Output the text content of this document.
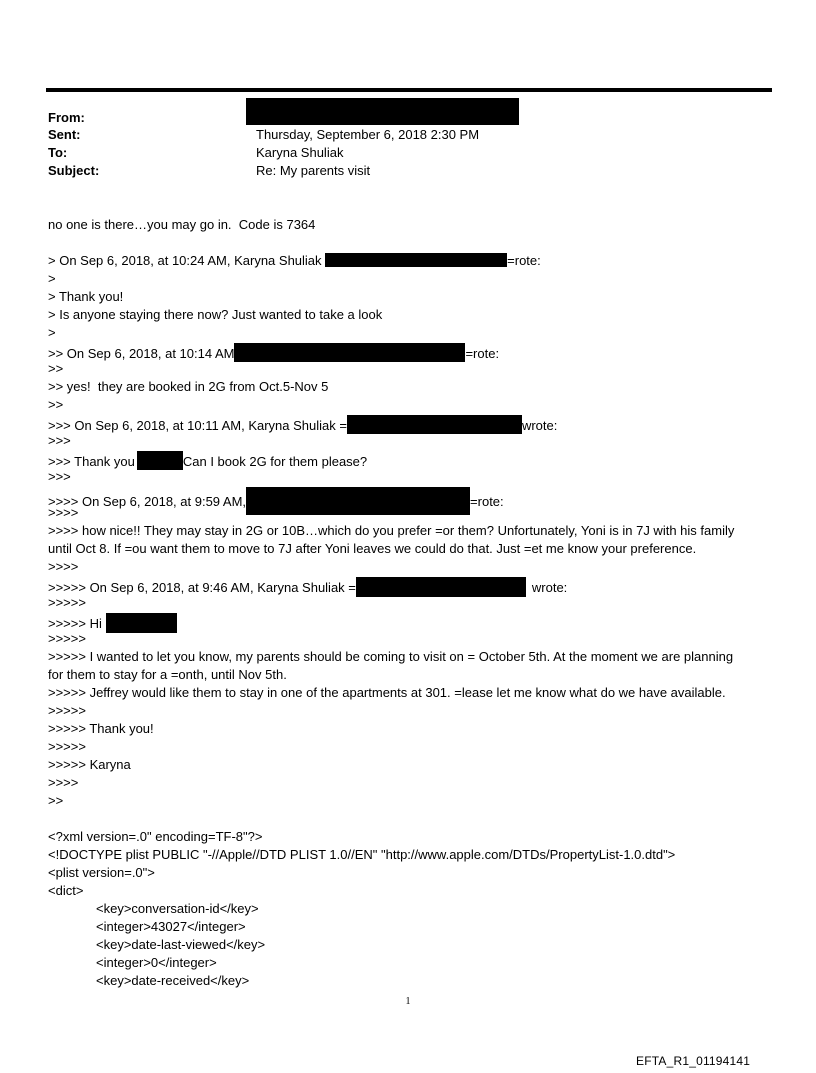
From:
Sent:	Thursday, September 6, 2018 2:30 PM
To:	Karyna Shuliak
Subject:	Re: My parents visit
no one is there…you may go in.  Code is 7364
> On Sep 6, 2018, at 10:24 AM, Karyna Shuliak	=rote:
>
> Thank you!
> Is anyone staying there now? Just wanted to take a look
>
>> On Sep 6, 2018, at 10:14 AM	=rote:
>>
>> yes!  they are booked in 2G from Oct.5-Nov 5
>>
>>> On Sep 6, 2018, at 10:11 AM, Karyna Shuliak =	wrote:
>>>
>>> Thank you	Can I book 2G for them please?
>>>
>>>> On Sep 6, 2018, at 9:59 AM,	=rote:
>>>>
>>>> how nice!! They may stay in 2G or 10B…which do you prefer =or them? Unfortunately, Yoni is in 7J with his family
until Oct 8. If =ou want them to move to 7J after Yoni leaves we could do that. Just =et me know your preference.
>>>>
>>>>> On Sep 6, 2018, at 9:46 AM, Karyna Shuliak =	wrote:
>>>>>
>>>>> Hi
>>>>>
>>>>> I wanted to let you know, my parents should be coming to visit on = October 5th. At the moment we are planning
for them to stay for a =onth, until Nov 5th.
>>>>> Jeffrey would like them to stay in one of the apartments at 301. =lease let me know what do we have available.
>>>>>
>>>>> Thank you!
>>>>>
>>>>> Karyna
>>>>
>>
<?xml version=.0" encoding=TF-8"?>
<!DOCTYPE plist PUBLIC "-//Apple//DTD PLIST 1.0//EN" "http://www.apple.com/DTDs/PropertyList-1.0.dtd">
<plist version=.0">
<dict>
<key>conversation-id</key>
<integer>43027</integer>
<key>date-last-viewed</key>
<integer>0</integer>
<key>date-received</key>
1
EFTA_R1_01194141
